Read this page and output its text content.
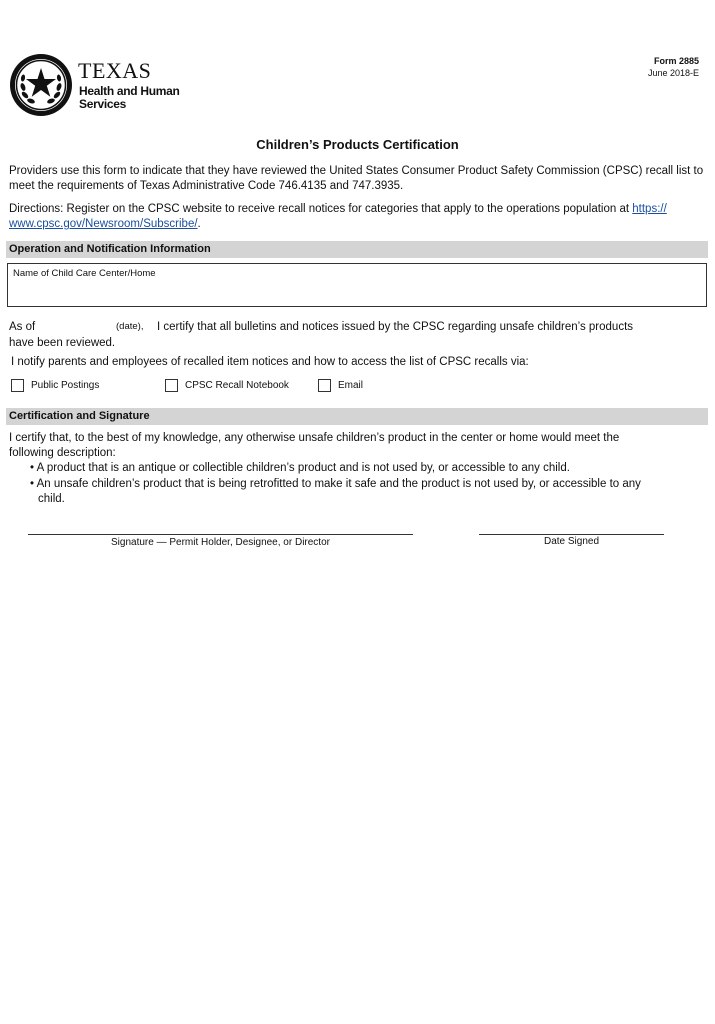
TEXAS
Health and Human
Services
Form 2885
June 2018-E
Children’s Products Certification
Providers use this form to indicate that they have reviewed the United States Consumer Product Safety Commission (CPSC) recall list to meet the requirements of Texas Administrative Code 746.4135 and 747.3935.
Directions: Register on the CPSC website to receive recall notices for categories that apply to the operations population at https://
www.cpsc.gov/Newsroom/Subscribe/.
Operation and Notification Information
Name of Child Care Center/Home
As of	(date), I certify that all bulletins and notices issued by the CPSC regarding unsafe children’s products
have been reviewed.
I notify parents and employees of recalled item notices and how to access the list of CPSC recalls via:
Public Postings	CPSC Recall Notebook	Email
Certification and Signature
I certify that, to the best of my knowledge, any otherwise unsafe children’s product in the center or home would meet the
following description:
• A product that is an antique or collectible children’s product and is not used by, or accessible to any child.
• An unsafe children’s product that is being retrofitted to make it safe and the product is not used by, or accessible to any
child.
Signature — Permit Holder, Designee, or Director	Date Signed
